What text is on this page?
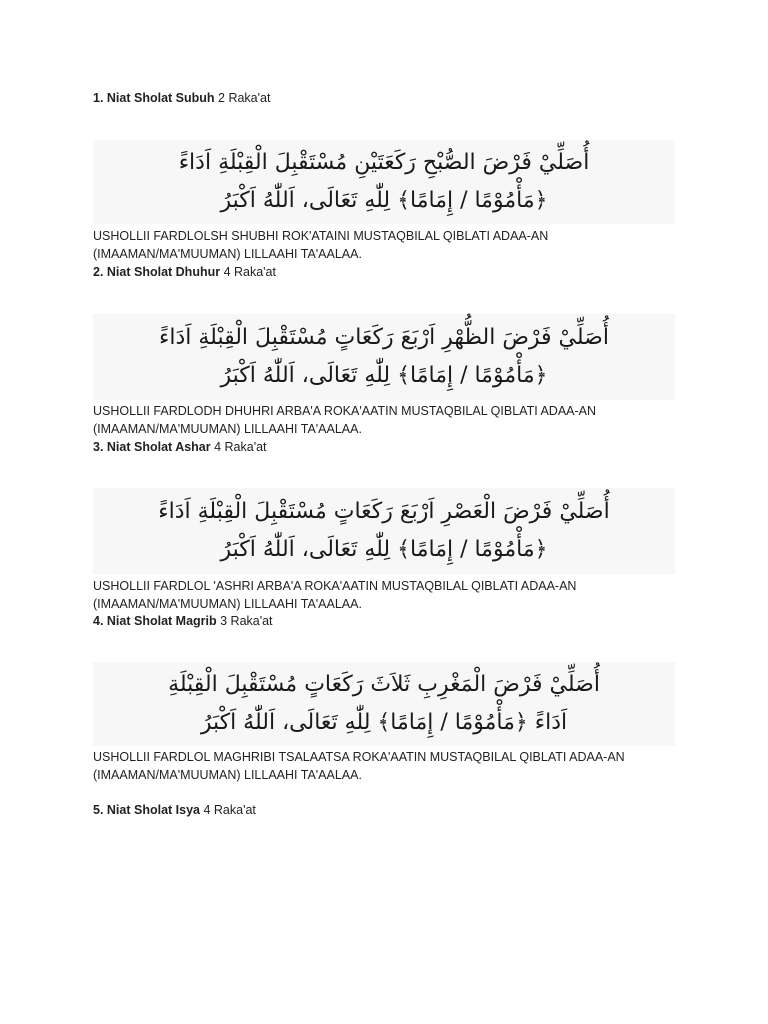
1. Niat Sholat Subuh 2 Raka'at
أُصَلِّيْ فَرْضَ الصُّبْحِ رَكَعَتَيْنِ مُسْتَقْبِلَ الْقِبْلَةِ اَدَاءً
﴿مَأْمُوْمًا / إِمَامًا﴾ لِلّٰهِ تَعَالَى، اَللّٰهُ اَكْبَرُ
USHOLLII FARDLOLSH SHUBHI ROK'ATAINI MUSTAQBILAL QIBLATI ADAA-AN
(IMAAMAN/MA'MUUMAN) LILLAAHI TA'AALAA.
2. Niat Sholat Dhuhur 4 Raka'at
أُصَلِّيْ فَرْضَ الظُّهْرِ اَرْبَعَ رَكَعَاتٍ مُسْتَقْبِلَ الْقِبْلَةِ اَدَاءً
﴿مَأْمُوْمًا / إِمَامًا﴾ لِلّٰهِ تَعَالَى، اَللّٰهُ اَكْبَرُ
USHOLLII FARDLODH DHUHRI ARBA'A ROKA'AATIN MUSTAQBILAL QIBLATI ADAA-AN
(IMAAMAN/MA'MUUMAN) LILLAAHI TA'AALAA.
3. Niat Sholat Ashar 4 Raka'at
أُصَلِّيْ فَرْضَ الْعَصْرِ اَرْبَعَ رَكَعَاتٍ مُسْتَقْبِلَ الْقِبْلَةِ اَدَاءً
﴿مَأْمُوْمًا / إِمَامًا﴾ لِلّٰهِ تَعَالَى، اَللّٰهُ اَكْبَرُ
USHOLLII FARDLOL 'ASHRI ARBA'A ROKA'AATIN MUSTAQBILAL QIBLATI ADAA-AN
(IMAAMAN/MA'MUUMAN) LILLAAHI TA'AALAA.
4. Niat Sholat Magrib 3 Raka'at
أُصَلِّيْ فَرْضَ الْمَغْرِبِ ثَلاَثَ رَكَعَاتٍ مُسْتَقْبِلَ الْقِبْلَةِ
اَدَاءً ﴿مَأْمُوْمًا / إِمَامًا﴾ لِلّٰهِ تَعَالَى، اَللّٰهُ اَكْبَرُ
USHOLLII FARDLOL MAGHRIBI TSALAATSA ROKA'AATIN MUSTAQBILAL QIBLATI ADAA-AN
(IMAAMAN/MA'MUUMAN) LILLAAHI TA'AALAA.
5. Niat Sholat Isya 4 Raka'at
